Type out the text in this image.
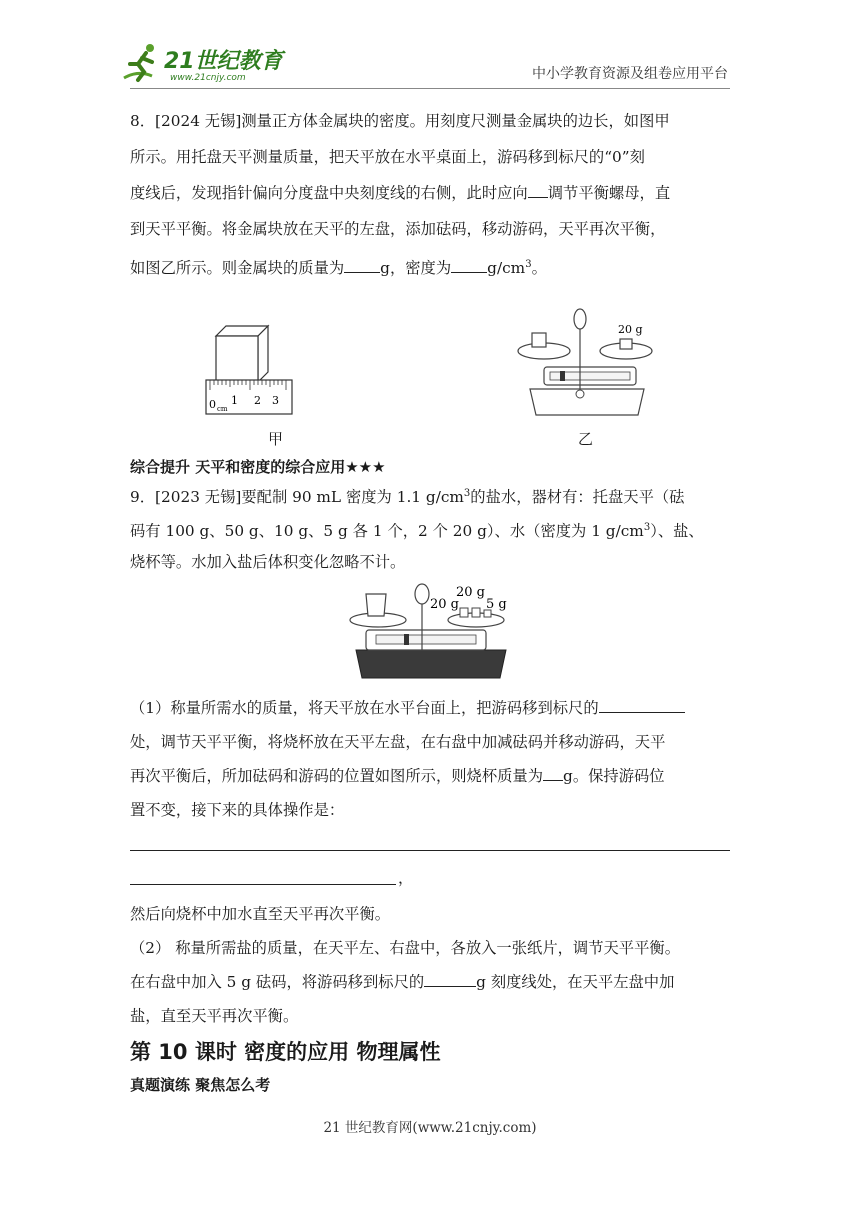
21世纪教育
www.21cnjy.com	中小学教育资源及组卷应用平台
8．[2024 无锡]测量正方体金属块的密度。用刻度尺测量金属块的边长，如图甲
所示。用托盘天平测量质量，把天平放在水平桌面上，游码移到标尺的“0”刻
度线后，发现指针偏向分度盘中央刻度线的右侧，此时应向 调节平衡螺母，直
到天平平衡。将金属块放在天平的左盘，添加砝码，移动游码，天平再次平衡，
如图乙所示。则金属块的质量为 g，密度为 $g/cm^3$。
0 cm
1 2 3
甲
20 g
乙
综合提升 天平和密度的综合应用★★★
9．[2023 无锡]要配制 90 mL 密度为 1.1 $g/cm^3$的盐水，器材有：托盘天平（砝
码有 100 g、50 g、10 g、5 g 各 1 个，2 个 20 g）、水（密度为 1 $g/cm^3$）、盐、
烧杯等。水加入盐后体积变化忽略不计。
20 g
20 g
5 g
（1）称量所需水的质量，将天平放在水平台面上，把游码移到标尺的
处，调节天平平衡，将烧杯放在天平左盘，在右盘中加减砝码并移动游码，天平
再次平衡后，所加砝码和游码的位置如图所示，则烧杯质量为 g。保持游码位
置不变，接下来的具体操作是：
，
然后向烧杯中加水直至天平再次平衡。
（2） 称量所需盐的质量，在天平左、右盘中，各放入一张纸片，调节天平平衡。
在右盘中加入 5 g 砝码，将游码移到标尺的	g 刻度线处，在天平左盘中加
盐，直至天平再次平衡。
第 10 课时 密度的应用 物理属性
真题演练 聚焦怎么考
21 世纪教育网(www.21cnjy.com)
